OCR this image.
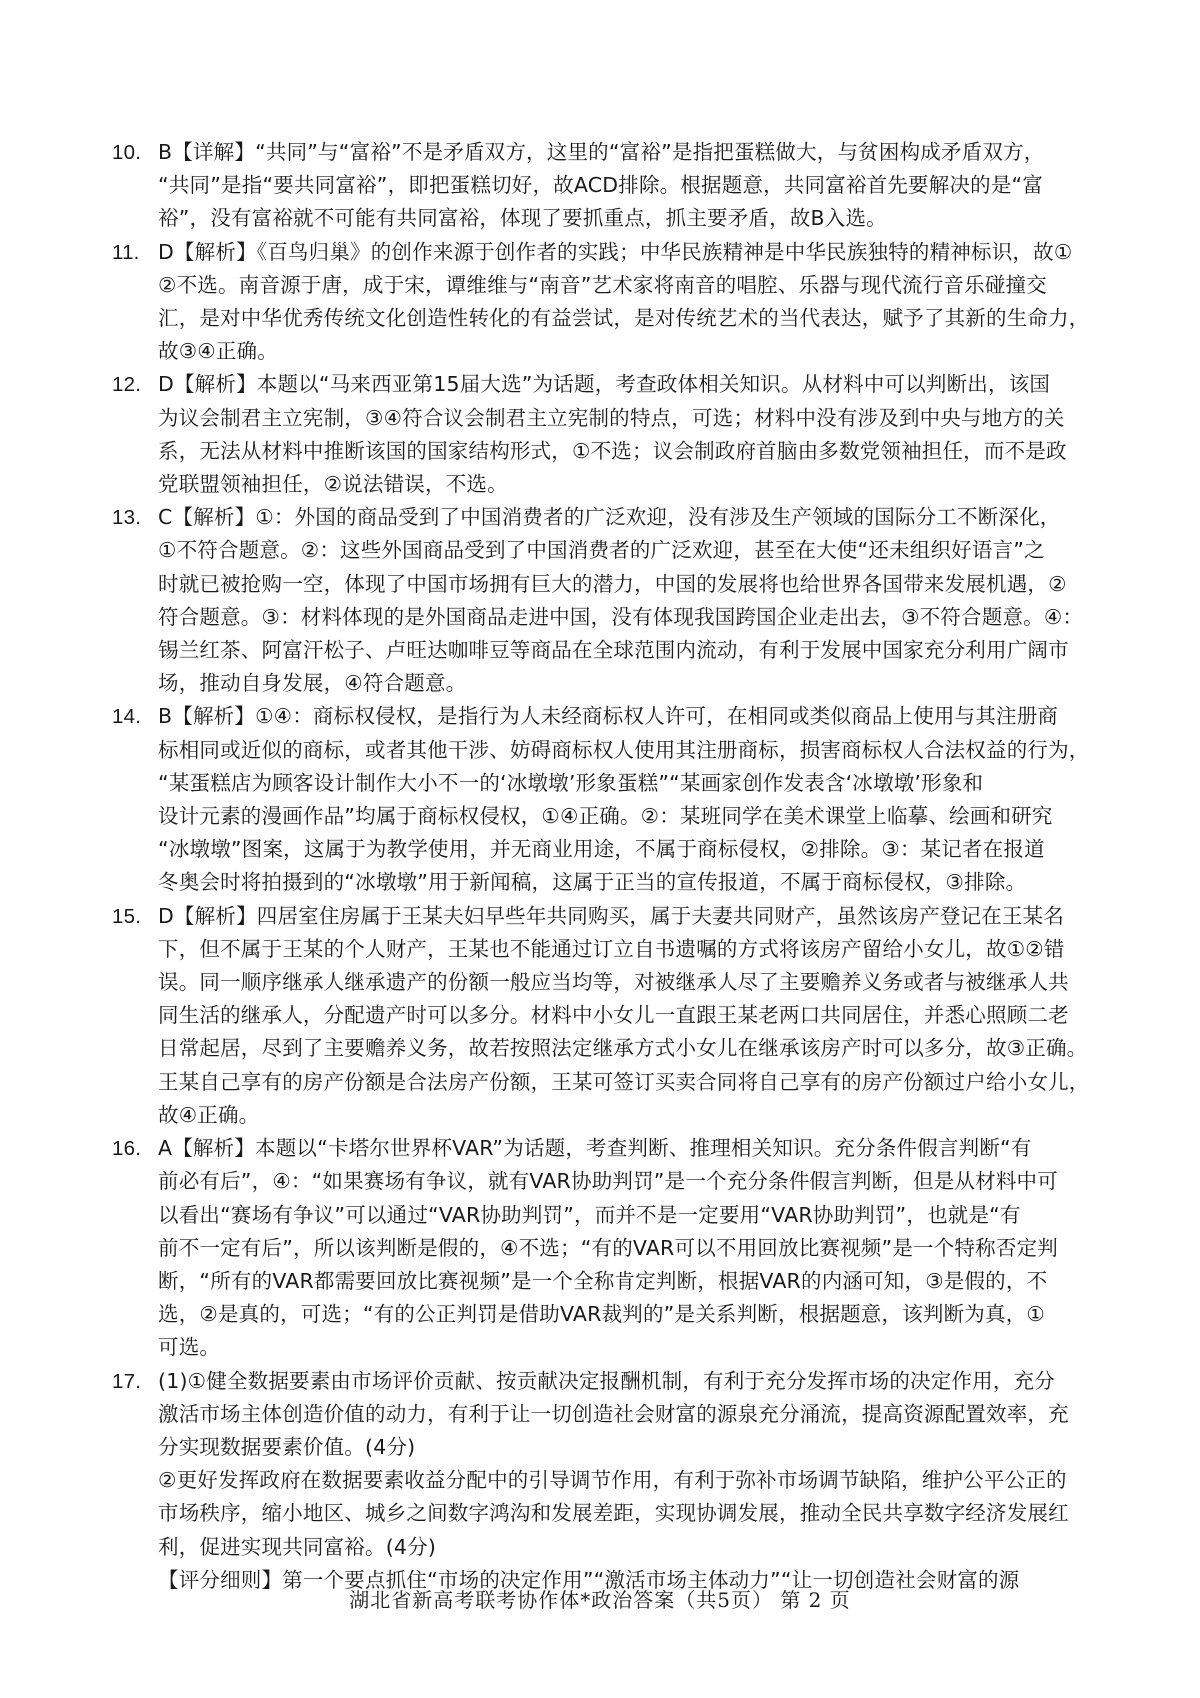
10. B【详解】“共同”与“富裕”不是矛盾双方，这里的“富裕”是指把蛋糕做大，与贫困构成矛盾双方，
“共同”是指“要共同富裕”，即把蛋糕切好，故ACD排除。根据题意，共同富裕首先要解决的是“富
裕”，没有富裕就不可能有共同富裕，体现了要抓重点，抓主要矛盾，故B入选。
11. D【解析】《百鸟归巢》的创作来源于创作者的实践；中华民族精神是中华民族独特的精神标识，故①
②不选。南音源于唐，成于宋，谭维维与“南音”艺术家将南音的唱腔、乐器与现代流行音乐碰撞交
汇，是对中华优秀传统文化创造性转化的有益尝试，是对传统艺术的当代表达，赋予了其新的生命力，
故③④正确。
12. D【解析】本题以“马来西亚第15届大选”为话题，考查政体相关知识。从材料中可以判断出，该国
为议会制君主立宪制，③④符合议会制君主立宪制的特点，可选；材料中没有涉及到中央与地方的关
系，无法从材料中推断该国的国家结构形式，①不选；议会制政府首脑由多数党领袖担任，而不是政
党联盟领袖担任，②说法错误，不选。
13. C【解析】①：外国的商品受到了中国消费者的广泛欢迎，没有涉及生产领域的国际分工不断深化，
①不符合题意。②：这些外国商品受到了中国消费者的广泛欢迎，甚至在大使“还未组织好语言”之
时就已被抢购一空，体现了中国市场拥有巨大的潜力，中国的发展将也给世界各国带来发展机遇，②
符合题意。③：材料体现的是外国商品走进中国，没有体现我国跨国企业走出去，③不符合题意。④：
锡兰红茶、阿富汗松子、卢旺达咖啡豆等商品在全球范围内流动，有利于发展中国家充分利用广阔市
场，推动自身发展，④符合题意。
14. B【解析】①④：商标权侵权，是指行为人未经商标权人许可，在相同或类似商品上使用与其注册商
标相同或近似的商标，或者其他干涉、妨碍商标权人使用其注册商标，损害商标权人合法权益的行为，
“某蛋糕店为顾客设计制作大小不一的‘冰墩墩’形象蛋糕”“某画家创作发表含‘冰墩墩’形象和
设计元素的漫画作品”均属于商标权侵权，①④正确。②：某班同学在美术课堂上临摹、绘画和研究
“冰墩墩”图案，这属于为教学使用，并无商业用途，不属于商标侵权，②排除。③：某记者在报道
冬奥会时将拍摄到的“冰墩墩”用于新闻稿，这属于正当的宣传报道，不属于商标侵权，③排除。
15. D【解析】四居室住房属于王某夫妇早些年共同购买，属于夫妻共同财产，虽然该房产登记在王某名
下，但不属于王某的个人财产，王某也不能通过订立自书遗嘱的方式将该房产留给小女儿，故①②错
误。同一顺序继承人继承遗产的份额一般应当均等，对被继承人尽了主要赡养义务或者与被继承人共
同生活的继承人，分配遗产时可以多分。材料中小女儿一直跟王某老两口共同居住，并悉心照顾二老
日常起居，尽到了主要赡养义务，故若按照法定继承方式小女儿在继承该房产时可以多分，故③正确。
王某自己享有的房产份额是合法房产份额，王某可签订买卖合同将自己享有的房产份额过户给小女儿，
故④正确。
16. A【解析】本题以“卡塔尔世界杯VAR”为话题，考查判断、推理相关知识。充分条件假言判断“有
前必有后”，④：“如果赛场有争议，就有VAR协助判罚”是一个充分条件假言判断，但是从材料中可
以看出“赛场有争议”可以通过“VAR协助判罚”，而并不是一定要用“VAR协助判罚”，也就是“有
前不一定有后”，所以该判断是假的，④不选；“有的VAR可以不用回放比赛视频”是一个特称否定判
断，“所有的VAR都需要回放比赛视频”是一个全称肯定判断，根据VAR的内涵可知，③是假的，不
选，②是真的，可选；“有的公正判罚是借助VAR裁判的”是关系判断，根据题意，该判断为真，①
可选。
17. (1)①健全数据要素由市场评价贡献、按贡献决定报酬机制，有利于充分发挥市场的决定作用，充分
激活市场主体创造价值的动力，有利于让一切创造社会财富的源泉充分涌流，提高资源配置效率，充
分实现数据要素价值。(4分)
②更好发挥政府在数据要素收益分配中的引导调节作用，有利于弥补市场调节缺陷，维护公平公正的
市场秩序，缩小地区、城乡之间数字鸿沟和发展差距，实现协调发展，推动全民共享数字经济发展红
利，促进实现共同富裕。(4分)
【评分细则】第一个要点抓住“市场的决定作用”“激活市场主体动力”“让一切创造社会财富的源
湖北省新高考联考协作体*政治答案（共5页） 第 2 页
